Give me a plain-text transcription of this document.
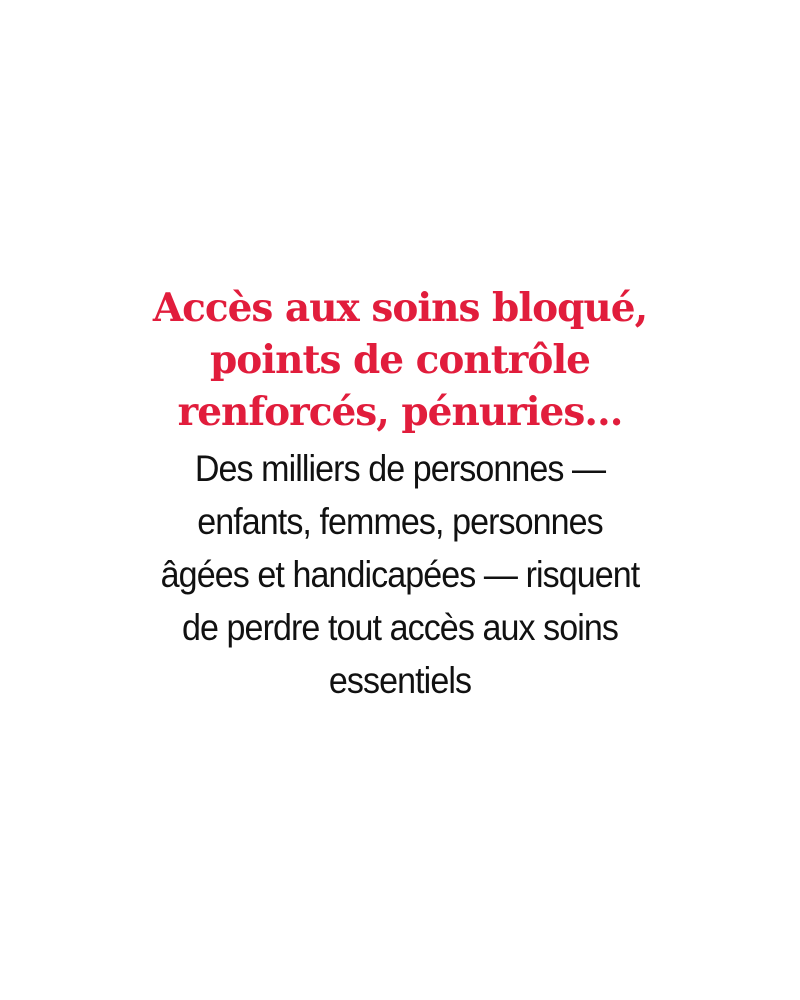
Accès aux soins bloqué,
points de contrôle
renforcés, pénuries…
Des milliers de personnes —
enfants, femmes, personnes
âgées et handicapées — risquent
de perdre tout accès aux soins
essentiels
